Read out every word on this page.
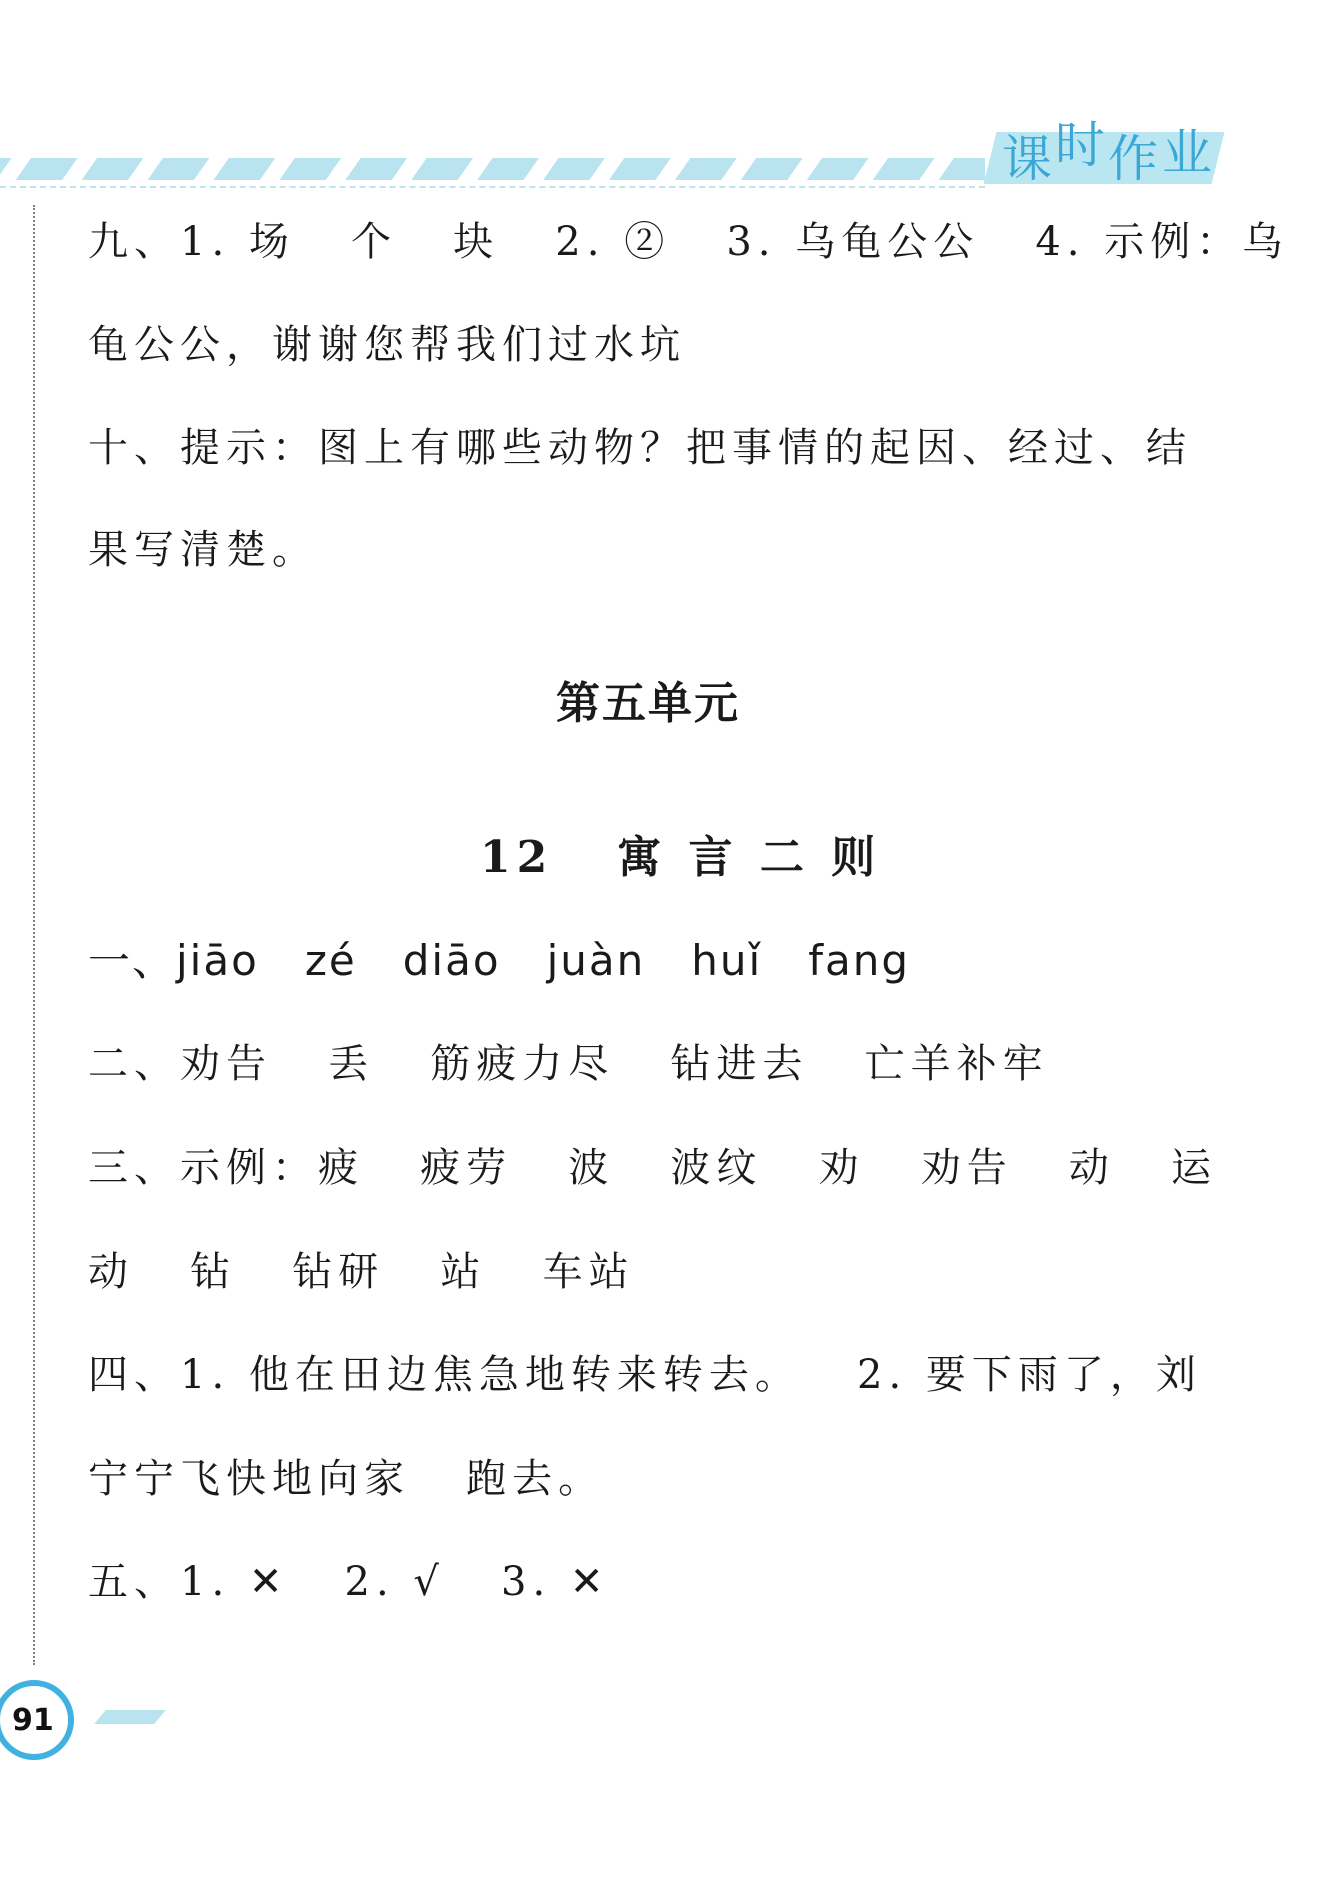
课 时 作 业
九、1. 场   个   块   2. ②   3. 乌龟公公   4. 示例：乌
龟公公，谢谢您帮我们过水坑
十、提示：图上有哪些动物？把事情的起因、经过、结
果写清楚。
第五单元
12   寓 言 二 则
一、jiāo   zé   diāo   juàn   huǐ   fang
二、劝告   丢   筋疲力尽   钻进去   亡羊补牢
三、示例：疲   疲劳   波   波纹   劝   劝告   动   运
动   钻   钻研   站   车站
四、1. 他在田边焦急地转来转去。   2. 要下雨了，刘
宁宁飞快地向家   跑去。
五、1. ✕   2. √   3. ✕
91
